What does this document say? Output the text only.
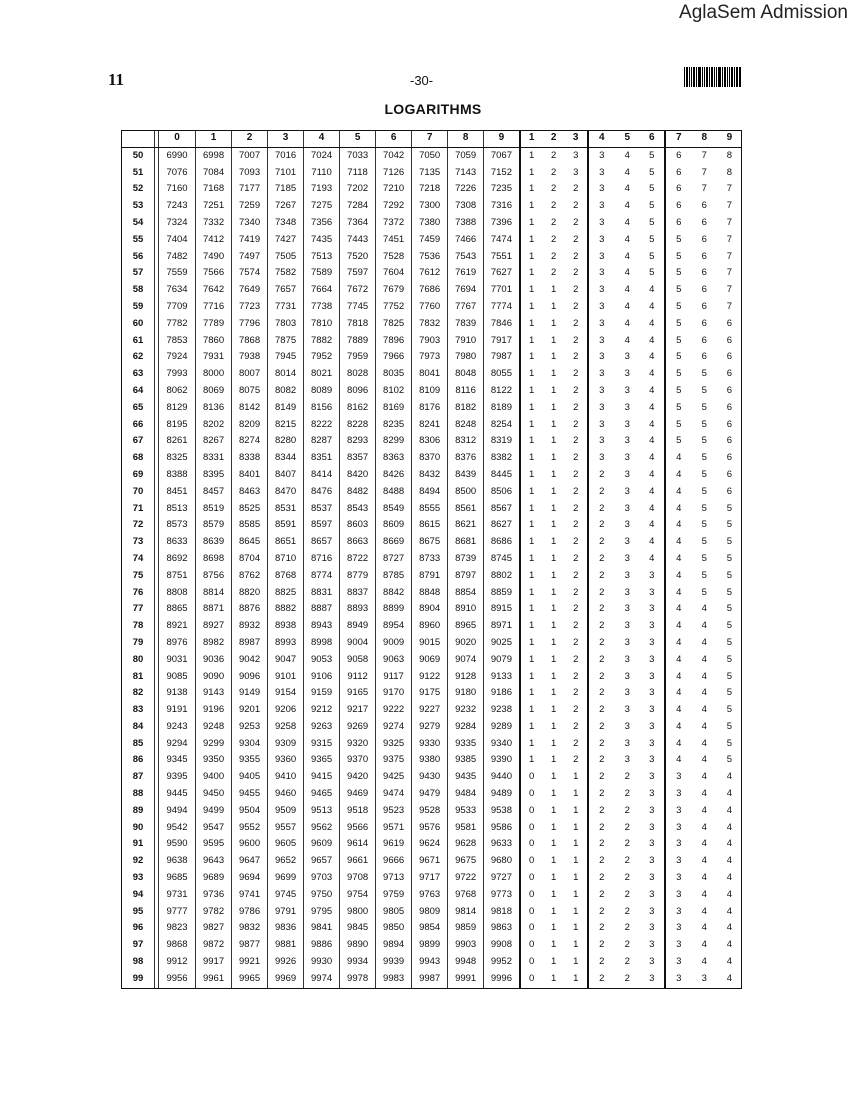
AglaSem Admission
11	-30-
LOGARITHMS
		0	1	2	3	4	5	6	7	8	9	1	2	3	4	5	6	7	8	9
50		6990	6998	7007	7016	7024	7033	7042	7050	7059	7067	1	2	3	3	4	5	6	7	8
51		7076	7084	7093	7101	7110	7118	7126	7135	7143	7152	1	2	3	3	4	5	6	7	8
52		7160	7168	7177	7185	7193	7202	7210	7218	7226	7235	1	2	2	3	4	5	6	7	7
53		7243	7251	7259	7267	7275	7284	7292	7300	7308	7316	1	2	2	3	4	5	6	6	7
54		7324	7332	7340	7348	7356	7364	7372	7380	7388	7396	1	2	2	3	4	5	6	6	7
55		7404	7412	7419	7427	7435	7443	7451	7459	7466	7474	1	2	2	3	4	5	5	6	7
56		7482	7490	7497	7505	7513	7520	7528	7536	7543	7551	1	2	2	3	4	5	5	6	7
57		7559	7566	7574	7582	7589	7597	7604	7612	7619	7627	1	2	2	3	4	5	5	6	7
58		7634	7642	7649	7657	7664	7672	7679	7686	7694	7701	1	1	2	3	4	4	5	6	7
59		7709	7716	7723	7731	7738	7745	7752	7760	7767	7774	1	1	2	3	4	4	5	6	7
60		7782	7789	7796	7803	7810	7818	7825	7832	7839	7846	1	1	2	3	4	4	5	6	6
61		7853	7860	7868	7875	7882	7889	7896	7903	7910	7917	1	1	2	3	4	4	5	6	6
62		7924	7931	7938	7945	7952	7959	7966	7973	7980	7987	1	1	2	3	3	4	5	6	6
63		7993	8000	8007	8014	8021	8028	8035	8041	8048	8055	1	1	2	3	3	4	5	5	6
64		8062	8069	8075	8082	8089	8096	8102	8109	8116	8122	1	1	2	3	3	4	5	5	6
65		8129	8136	8142	8149	8156	8162	8169	8176	8182	8189	1	1	2	3	3	4	5	5	6
66		8195	8202	8209	8215	8222	8228	8235	8241	8248	8254	1	1	2	3	3	4	5	5	6
67		8261	8267	8274	8280	8287	8293	8299	8306	8312	8319	1	1	2	3	3	4	5	5	6
68		8325	8331	8338	8344	8351	8357	8363	8370	8376	8382	1	1	2	3	3	4	4	5	6
69		8388	8395	8401	8407	8414	8420	8426	8432	8439	8445	1	1	2	2	3	4	4	5	6
70		8451	8457	8463	8470	8476	8482	8488	8494	8500	8506	1	1	2	2	3	4	4	5	6
71		8513	8519	8525	8531	8537	8543	8549	8555	8561	8567	1	1	2	2	3	4	4	5	5
72		8573	8579	8585	8591	8597	8603	8609	8615	8621	8627	1	1	2	2	3	4	4	5	5
73		8633	8639	8645	8651	8657	8663	8669	8675	8681	8686	1	1	2	2	3	4	4	5	5
74		8692	8698	8704	8710	8716	8722	8727	8733	8739	8745	1	1	2	2	3	4	4	5	5
75		8751	8756	8762	8768	8774	8779	8785	8791	8797	8802	1	1	2	2	3	3	4	5	5
76		8808	8814	8820	8825	8831	8837	8842	8848	8854	8859	1	1	2	2	3	3	4	5	5
77		8865	8871	8876	8882	8887	8893	8899	8904	8910	8915	1	1	2	2	3	3	4	4	5
78		8921	8927	8932	8938	8943	8949	8954	8960	8965	8971	1	1	2	2	3	3	4	4	5
79		8976	8982	8987	8993	8998	9004	9009	9015	9020	9025	1	1	2	2	3	3	4	4	5
80		9031	9036	9042	9047	9053	9058	9063	9069	9074	9079	1	1	2	2	3	3	4	4	5
81		9085	9090	9096	9101	9106	9112	9117	9122	9128	9133	1	1	2	2	3	3	4	4	5
82		9138	9143	9149	9154	9159	9165	9170	9175	9180	9186	1	1	2	2	3	3	4	4	5
83		9191	9196	9201	9206	9212	9217	9222	9227	9232	9238	1	1	2	2	3	3	4	4	5
84		9243	9248	9253	9258	9263	9269	9274	9279	9284	9289	1	1	2	2	3	3	4	4	5
85		9294	9299	9304	9309	9315	9320	9325	9330	9335	9340	1	1	2	2	3	3	4	4	5
86		9345	9350	9355	9360	9365	9370	9375	9380	9385	9390	1	1	2	2	3	3	4	4	5
87		9395	9400	9405	9410	9415	9420	9425	9430	9435	9440	0	1	1	2	2	3	3	4	4
88		9445	9450	9455	9460	9465	9469	9474	9479	9484	9489	0	1	1	2	2	3	3	4	4
89		9494	9499	9504	9509	9513	9518	9523	9528	9533	9538	0	1	1	2	2	3	3	4	4
90		9542	9547	9552	9557	9562	9566	9571	9576	9581	9586	0	1	1	2	2	3	3	4	4
91		9590	9595	9600	9605	9609	9614	9619	9624	9628	9633	0	1	1	2	2	3	3	4	4
92		9638	9643	9647	9652	9657	9661	9666	9671	9675	9680	0	1	1	2	2	3	3	4	4
93		9685	9689	9694	9699	9703	9708	9713	9717	9722	9727	0	1	1	2	2	3	3	4	4
94		9731	9736	9741	9745	9750	9754	9759	9763	9768	9773	0	1	1	2	2	3	3	4	4
95		9777	9782	9786	9791	9795	9800	9805	9809	9814	9818	0	1	1	2	2	3	3	4	4
96		9823	9827	9832	9836	9841	9845	9850	9854	9859	9863	0	1	1	2	2	3	3	4	4
97		9868	9872	9877	9881	9886	9890	9894	9899	9903	9908	0	1	1	2	2	3	3	4	4
98		9912	9917	9921	9926	9930	9934	9939	9943	9948	9952	0	1	1	2	2	3	3	4	4
99		9956	9961	9965	9969	9974	9978	9983	9987	9991	9996	0	1	1	2	2	3	3	3	4
